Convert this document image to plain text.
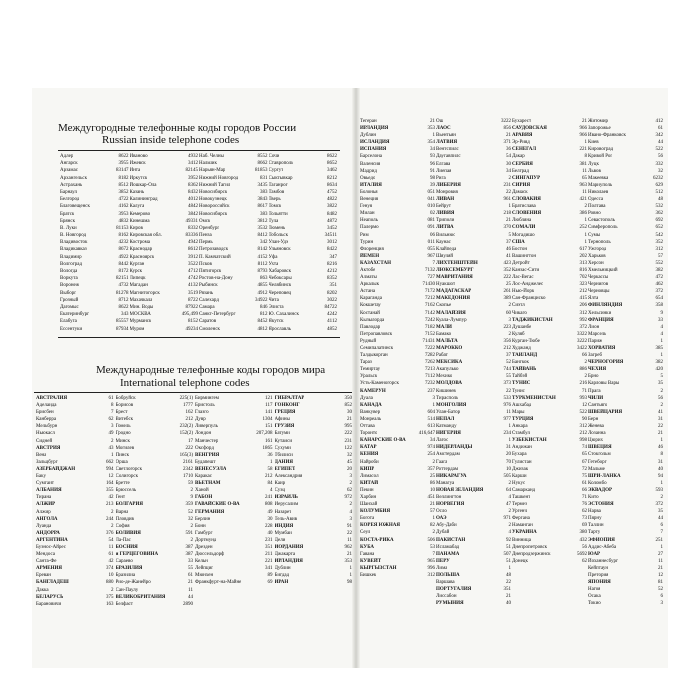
Междугородные телефонные коды городов России
Russian inside telephone codes
Адлер	8622
Ангарск	3955
Арзамас	83147
Архангельск	8182
Астрахань	8512
Барнаул	3852
Белгород	4722
Благовещенск	4162
Братск	3953
Брянск	4832
В. Луки	81153
В. Новгород	8162
Владивосток	4232
Владикавказ	8672
Владимир	4922
Волгоград	8442
Вологда	8172
Воркута	82151
Воронеж	4732
Выборг	81278
Грозный	8712
Дагомыс	8622
Екатеринбург	343
Елабуга	85557
Ессентуки	87934
Иваново	4932
Ижевск	3412
Инта	82145
Иркутск	3952
Йошкар-Ола	8362
Казань	8432
Калининград	4012
Калуга	4842
Кемерово	3842
Кинешма	49331
Киров	8332
Кировская обл.	83336
Кострома	4942
Краснодар	8612
Красноярск	3912
Курган	3522
Курск	4712
Липецк	4742
Магадан	4132
Магнитогорск	3519
Махачкала	8722
Мин. Воды	87922
МОСКВА	495,499
Мурманск	8152
Муром	49234
Наб. Челны	8552
Нальчик	8662
Нарьян-Мар	81853
Нижний Новгород	831
Нижний Тагил	3435
Новосибирск	383
Новокузнецк	3843
Новороссийск	8617
Новосибирск	383
Омск	3812
Оренбург	3532
Пенза	8412
Пермь	342
Петрозаводск	8142
П. Камчатский	4152
Псков	8112
Пятигорск	8793
Ростов-на-Дону	863
Рыбинск	4855
Рязань	4912
Салехард	34922
Самара	846
Санкт-Петербург	812
Саратов	8452
Смоленск	4812
Сочи	8622
Ставрополь	8652
Сургут	3462
Сыктывкар	8212
Таганрог	8634
Тамбов	4752
Тверь	4822
Томск	3822
Тольятти	8482
Тула	4872
Тюмень	3452
Тобольск	34511
Улан-Удэ	3012
Ульяновск	8422
Уфа	347
Ухта	8216
Хабаровск	4212
Чебоксары	8352
Челябинск	351
Череповец	8202
Чита	3022
Элиста	84722
Ю. Сахалинск	4242
Якутск	4112
Ярославль	4852
Международные телефонные коды городов мира
International telephone codes
АВСТРАЛИЯ	61
Аделаида	8
Брисбен	7
Канберра	62
Мельбурн	3
Ньюкасл	49
Сидней	2
АВСТРИЯ	43
Вена	1
Зальцбург	662
АЗЕРБАЙДЖАН	994
Баку	12
Сумгаит	164
АЛБАНИЯ	355
Тирана	42
АЛЖИР	213
Алжир	2
АНГОЛА	244
Луанда	2
АНДОРРА	376
АРГЕНТИНА	54
Буэнос-Айрес	11
Мендоса	61
Санта-Фе	42
АРМЕНИЯ	374
Ереван	10
БАНГЛАДЕШ	880
Дакка	2
БЕЛАРУСЬ	375
Барановичи	163
Бобруйск	225(1)
Борисов	1777
Брест	162
Витебск	212
Гомель	232(2)
Гродно	152(2)
Минск	17
Могилев	222
Пинск	165(3)
Орша	2161
Светлогорск	2342
Солигорск	1710
Бретте	59
Брюссель	2
Гент	9
БОЛГАРИЯ	359
Варна	52
Пловдив	32
София	2
БОЛИВИЯ	591
Ла-Пас	2
БОСНИЯ	387
и ГЕРЦЕГОВИНА	387
Сараево	33
БРАЗИЛИЯ	55
Бразилиа	61
Рио-де-Жанейро	21
Сан-Паулу	11
ВЕЛИКОБРИТАНИЯ	44
Белфаст	2890
Бирмингем	121
Бристоль	117
Глазго	141
Дувр	1304
Ливерпуль	151
Лондон	207,208
Манчестер	161
Оксфорд	1865
ВЕНГРИЯ	36
Будапешт	1
ВЕНЕСУЭЛА	58
Каракас	212
ВЬЕТНАМ	84
Ханой	4
ГАБОН	241
ГАВАЙСКИЕ О-ВА	808
ГЕРМАНИЯ	49
Берлин	30
Бонн	228
Гамбург	40
Дортмунд	231
Дрезден	351
Дюссельдорф	211
Кельн	221
Лейпциг	341
Мюнхен	89
Франкфурт-на-Майне	69
ГИБРАЛТАР	350
ГОНКОНГ	852
ГРЕЦИЯ	30
Афины	21
ГРУЗИЯ	995
Батуми	222
Кутаиси	231
Сухуми	122
Тбилиси	32
ДАНИЯ	45
ЕГИПЕТ	20
Александрия	3
Каир	2
Суэц	62
ИЗРАИЛЬ	972
Иерусалим	2
Назарет	4
Тель-Авив	3
ИНДИЯ	91
Мумбаи	22
Дели	11
ИОРДАНИЯ	962
Джакарта	21
ИРЛАНДИЯ	353
Дублин	1
Бигдад	1
ИРАН	98
Тегеран	21
ИРЛАНДИЯ	353
Дублин	1
ИСЛАНДИЯ	354
ИСПАНИЯ	34
Барселона	93
Валенсия	96
Мадрид	91
Овьедо	98
ИТАЛИЯ	39
Болонья	051
Венеция	041
Генуя	010
Милан	02
Неаполь	081
Палермо	091
Рим	06
Турин	011
Флоренция	055
ЙЕМЕН	967
КАЗАХСТАН	7
Актобе	7132
Алматы	727
Аркалык	71430
Астана	7172
Караганда	7212
Кокшетау	7162
Костанай	7142
Кызылорда	7242
Павлодар	7182
Петропавловск	7152
Рудный	71431
Семипалатинск	7222
Талдыкорган	7282
Тараз	7262
Темиртау	7213
Уральск	7112
Усть-Каменогорск	7232
КАМЕРУН	237
Дуала	3
КАНАДА	1
Ванкувер	604
Монреаль	514
Оттава	613
Торонто	416,647
КАНАРСКИЕ О-ВА	34
КАТАР	974
КЕНИЯ	254
Найроби	2
КИПР	357
Лимасол	25
КИТАЙ	86
Пекин	10
Харбин	451
Шанхай	21
КОЛУМБИЯ	57
Богота	1
КОРЕЯ ЮЖНАЯ	82
Сеул	2
КОСТА-РИКА	506
КУБА	53
Гавана	7
КУВЕЙТ	965
КЫРГЫЗСТАН	996
Бишкек	312
Ош	3222
ЛАОС	856
Вьентьян	21
ЛАТВИЯ	371
Вентспилс	36
Даугавпилс	54
Елгава	30
Лиепая	34
Рига	2
ЛИБЕРИЯ	231
Монровия	22
ЛИВАН	961
Бейрут	1
ЛИВИЯ	218
Триполи	21
ЛИТВА	370
Вильнюс	5
Каунас	37
Клайпеда	46
Шяуляй	41
ЛИХТЕНШТЕЙН	423
ЛЮКСЕМБУРГ	352
МАВРИТАНИЯ	222
Нуакшот	25
МАДАГАСКАР	261
МАКЕДОНИЯ	389
Скопье	2
МАЛАЙЗИЯ	60
Куала-Лумпур	3
МАЛИ	223
Бамако	2
МАЛЬТА	356
МАРОККО	212
Рабат	37
МЕКСИКА	52
Акапулько	744
Мехико	55
МОЛДОВА	373
Кишинев	22
Тирасполь	533
МОНГОЛИЯ	976
Улан-Батор	11
НЕПАЛ	977
Катманду	1
НИГЕРИЯ	234
Лагос	1
НИДЕРЛАНДЫ	31
Амстердам	20
Гаага	70
Роттердам	10
НИКАРАГУА	505
Манагуа	2
НОВАЯ ЗЕЛАНДИЯ	64
Веллингтон	4
НОРВЕГИЯ	47
Осло	2
ОАЭ	971
Абу-Даби	2
Дубай	4
ПАКИСТАН	92
Исламабад	51
ПАНАМА	507
ПЕРУ	51
Лима	1
ПОЛЬША	48
Варшава	22
ПОРТУГАЛИЯ	351
Лиссабон	21
РУМЫНИЯ	40
Бухарест	21
САУДОВСКАЯ	966
АРАВИЯ	966
Эр-Рияд	1
СЕНЕГАЛ	221
Дакар	8
СЕРБИЯ	381
Белград	11
СИНГАПУР	65
СИРИЯ	963
Дамаск	11
СЛОВАКИЯ	421
Братислава	2
СЛОВЕНИЯ	386
Любляна	1
СОМАЛИ	252
Могадишо	1
США	1
Бостон	617
Вашингтон	202
Детройт	313
Канзас-Сити	816
Лас-Вегас	702
Лос-Анджелес	323
Нью-Йорк	212
Сан-Франциско	415
Сиэтл	206
Чикаго	312
ТАДЖИКИСТАН	992
Душанбе	372
Куляб	3322
Курган-Тюбе	3222
Худжанд	3422
ТАИЛАНД	66
Бангкок	2
ТАЙВАНЬ	886
Тайбэй	2
ТУНИС	216
Тунис	71
ТУРКМЕНИСТАН	993
Ашхабад	12
Мары	522
ТУРЦИЯ	90
Анкара	312
Стамбул	212
УЗБЕКИСТАН	998
Андижан	74
Бухара	65
Гулистан	67
Джизак	72
Карши	75
Нукус	61
Самарканд	66
Ташкент	71
Термез	76
Ургенч	62
Фергана	73
Наманган	69
УКРАИНА	380
Винница	432
Днепропетровск	56
Днепродзержинск	5692
Донецк	62
Житомир	412
Запорожье	61
Ивано-Франковск	342
Киев	44
Кировоград	522
Кривой Рог	56
Луцк	332
Львов	32
Макеевка	6232
Мариуполь	629
Николаев	512
Одесса	48
Полтава	532
Ровно	362
Севастополь	692
Симферополь	652
Сумы	542
Тернополь	352
Ужгород	312
Харьков	57
Херсон	552
Хмельницкий	382
Черкассы	472
Чернигов	462
Черновцы	372
Ялта	654
ФИНЛЯНДИЯ	358
Хельсинки	9
ФРАНЦИЯ	33
Лион	4
Марсель	4
Париж	1
ХОРВАТИЯ	385
Загреб	1
ЧЕРНОГОРИЯ	382
ЧЕХИЯ	420
Брно	5
Карловы Вары	35
Прага	2
ЧИЛИ	56
Сантьяго	2
ШВЕЙЦАРИЯ	41
Берн	31
Женева	22
Лозанна	21
Цюрих	1
ШВЕЦИЯ	46
Стокгольм	8
Гетеборг	31
Мальме	40
ШРИ-ЛАНКА	94
Коломбо	1
ЭКВАДОР	593
Кито	2
ЭСТОНИЯ	372
Нарва	35
Пярну	44
Таллин	6
Тарту	7
ЭФИОПИЯ	251
Аддис-Абеба	1
ЮАР	27
Йоханнесбург	11
Кейптаун	21
Претория	12
ЯПОНИЯ	81
Нагоя	52
Осака	6
Токио	3
